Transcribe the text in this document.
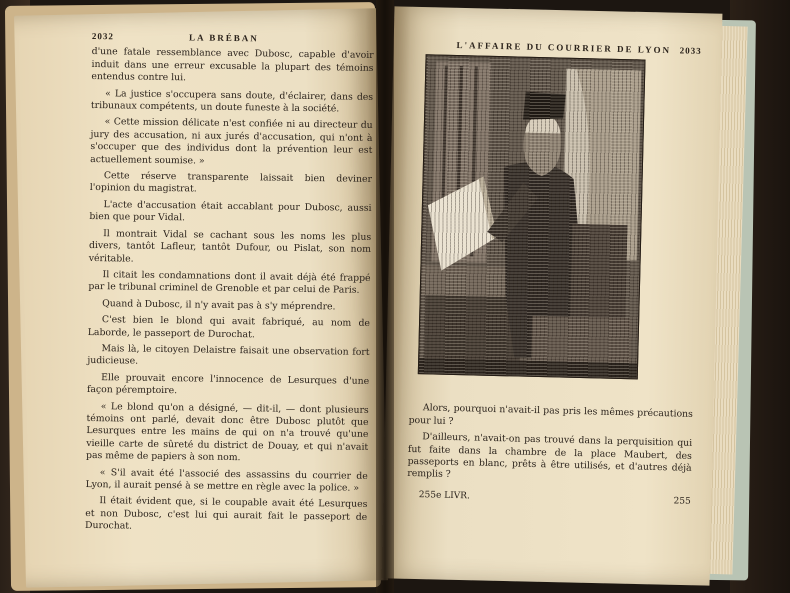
2032	LA BRÉBAN

d'une fatale ressemblance avec Dubosc, capable d'avoir induit dans une erreur excusable la plupart des témoins entendus contre lui.

« La justice s'occupera sans doute, d'éclairer, dans des tribunaux compétents, un doute funeste à la société.

« Cette mission délicate n'est confiée ni au directeur du jury des accusation, ni aux jurés d'accusation, qui n'ont à s'occuper que des individus dont la prévention leur est actuellement soumise. »

Cette réserve transparente laissait bien deviner l'opinion du magistrat.

L'acte d'accusation était accablant pour Dubosc, aussi bien que pour Vidal.

Il montrait Vidal se cachant sous les noms les plus divers, tantôt Lafleur, tantôt Dufour, ou Pislat, son nom véritable.

Il citait les condamnations dont il avait déjà été frappé par le tribunal criminel de Grenoble et par celui de Paris.

Quand à Dubosc, il n'y avait pas à s'y méprendre.

C'est bien le blond qui avait fabriqué, au nom de Laborde, le passeport de Durochat.

Mais là, le citoyen Delaistre faisait une observation fort judicieuse.

Elle prouvait encore l'innocence de Lesurques d'une façon péremptoire.

« Le blond qu'on a désigné, — dit-il, — dont plusieurs témoins ont parlé, devait donc être Dubosc plutôt que Lesurques entre les mains de qui on n'a trouvé qu'une vieille carte de sûreté du district de Douay, et qui n'avait pas même de papiers à son nom.

« S'il avait été l'associé des assassins du courrier de Lyon, il aurait pensé à se mettre en règle avec la police. »

Il était évident que, si le coupable avait été Lesurques et non Dubosc, c'est lui qui aurait fait le passeport de Durochat.

L'AFFAIRE DU COURRIER DE LYON 2033

Alors, pourquoi n'avait-il pas pris les mêmes précautions pour lui ?

D'ailleurs, n'avait-on pas trouvé dans la perquisition qui fut faite dans la chambre de la place Maubert, des passeports en blanc, prêts à être utilisés, et d'autres déjà remplis ?

255e LIVR.
255
